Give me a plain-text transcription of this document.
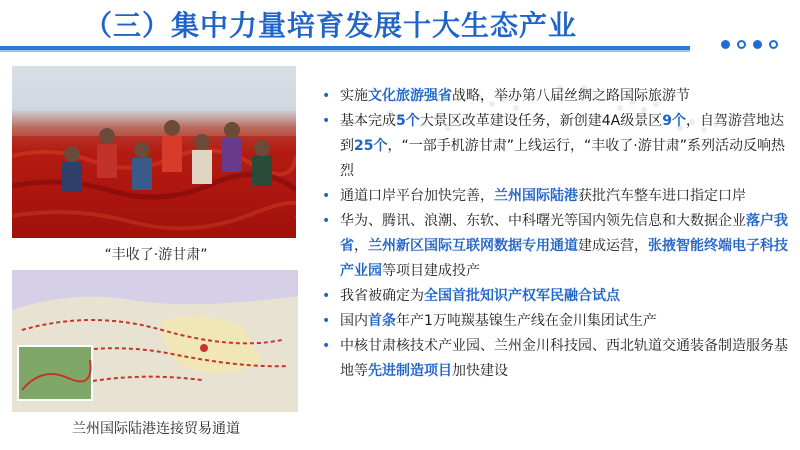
（三）集中力量培育发展十大生态产业
“丰收了·游甘肃”
兰州国际陆港连接贸易通道
• 实施文化旅游强省战略，举办第八届丝绸之路国际旅游节
• 基本完成5个大景区改革建设任务，新创建4A级景区9个，自驾游营地达到25个，“一部手机游甘肃”上线运行，“丰收了·游甘肃”系列活动反响热烈
• 通道口岸平台加快完善，兰州国际陆港获批汽车整车进口指定口岸
• 华为、腾讯、浪潮、东软、中科曙光等国内领先信息和大数据企业落户我省，兰州新区国际互联网数据专用通道建成运营，张掖智能终端电子科技产业园等项目建成投产
• 我省被确定为全国首批知识产权军民融合试点
• 国内首条年产1万吨羰基镍生产线在金川集团试生产
• 中核甘肃核技术产业园、兰州金川科技园、西北轨道交通装备制造服务基地等先进制造项目加快建设
